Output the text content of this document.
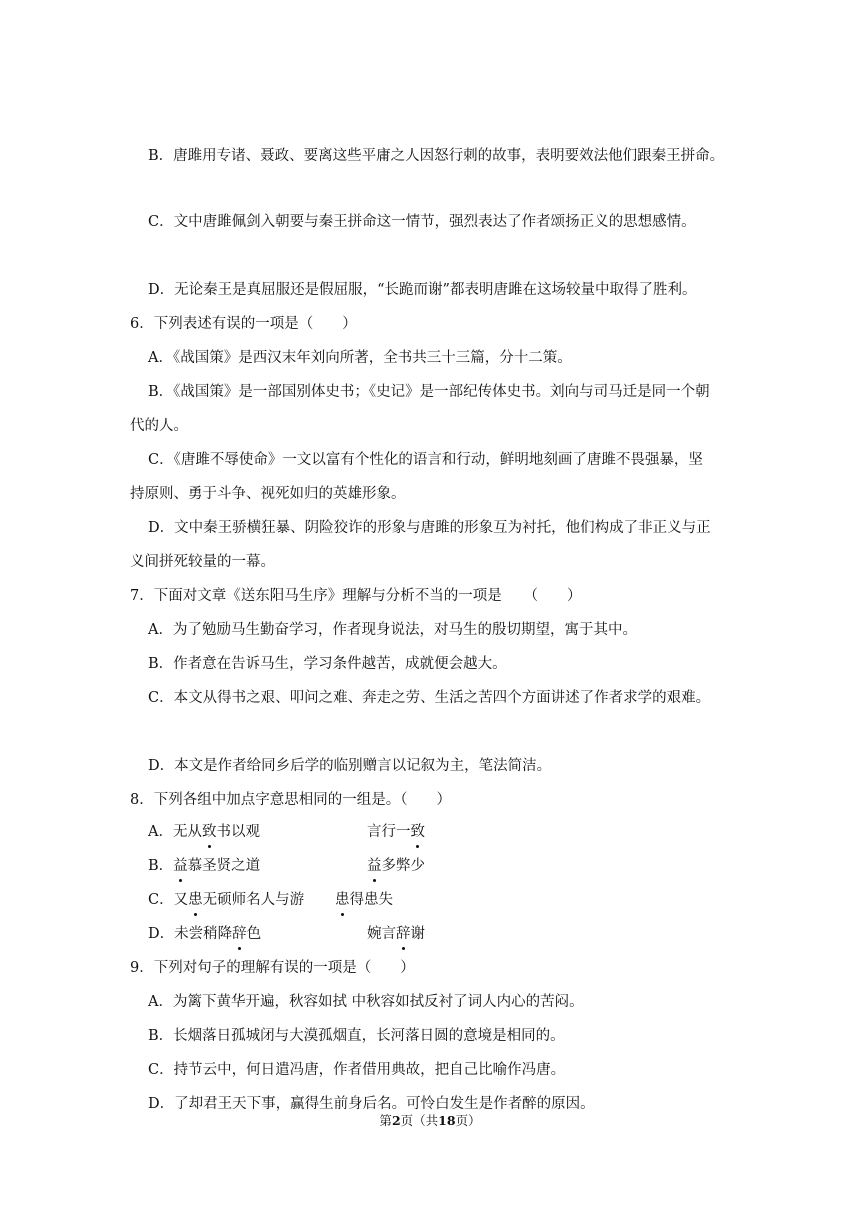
B．唐雎用专诸、聂政、要离这些平庸之人因怒行刺的故事，表明要效法他们跟秦王拼命。
C．文中唐雎佩剑入朝要与秦王拼命这一情节，强烈表达了作者颂扬正义的思想感情。
D．无论秦王是真屈服还是假屈服，“长跪而谢”都表明唐雎在这场较量中取得了胜利。
6．下列表述有误的一项是（　　）
A．《战国策》是西汉末年刘向所著，全书共三十三篇，分十二策。
B．《战国策》是一部国别体史书；《史记》是一部纪传体史书。刘向与司马迁是同一个朝
代的人。
C．《唐雎不辱使命》一文以富有个性化的语言和行动，鲜明地刻画了唐雎不畏强暴，坚
持原则、勇于斗争、视死如归的英雄形象。
D．文中秦王骄横狂暴、阴险狡诈的形象与唐雎的形象互为衬托，他们构成了非正义与正
义间拼死较量的一幕。
7．下面对文章《送东阳马生序》理解与分析不当的一项是　　（　　）
A．为了勉励马生勤奋学习，作者现身说法，对马生的殷切期望，寓于其中。
B．作者意在告诉马生，学习条件越苦，成就便会越大。
C．本文从得书之艰、叩问之难、奔走之劳、生活之苦四个方面讲述了作者求学的艰难。
D．本文是作者给同乡后学的临别赠言以记叙为主，笔法简洁。
8．下列各组中加点字意思相同的一组是。（　　）
A．无从致书以观	言行一致
B．益慕圣贤之道	益多弊少
C．又患无硕师名人与游 患得患失
D．未尝稍降辞色	婉言辞谢
9．下列对句子的理解有误的一项是（　　）
A．为篱下黄华开遍，秋容如拭 中秋容如拭反衬了词人内心的苦闷。
B．长烟落日孤城闭与大漠孤烟直，长河落日圆的意境是相同的。
C．持节云中，何日遣冯唐，作者借用典故，把自己比喻作冯唐。
D．了却君王天下事，赢得生前身后名。可怜白发生是作者醉的原因。
第2页（共18页）
